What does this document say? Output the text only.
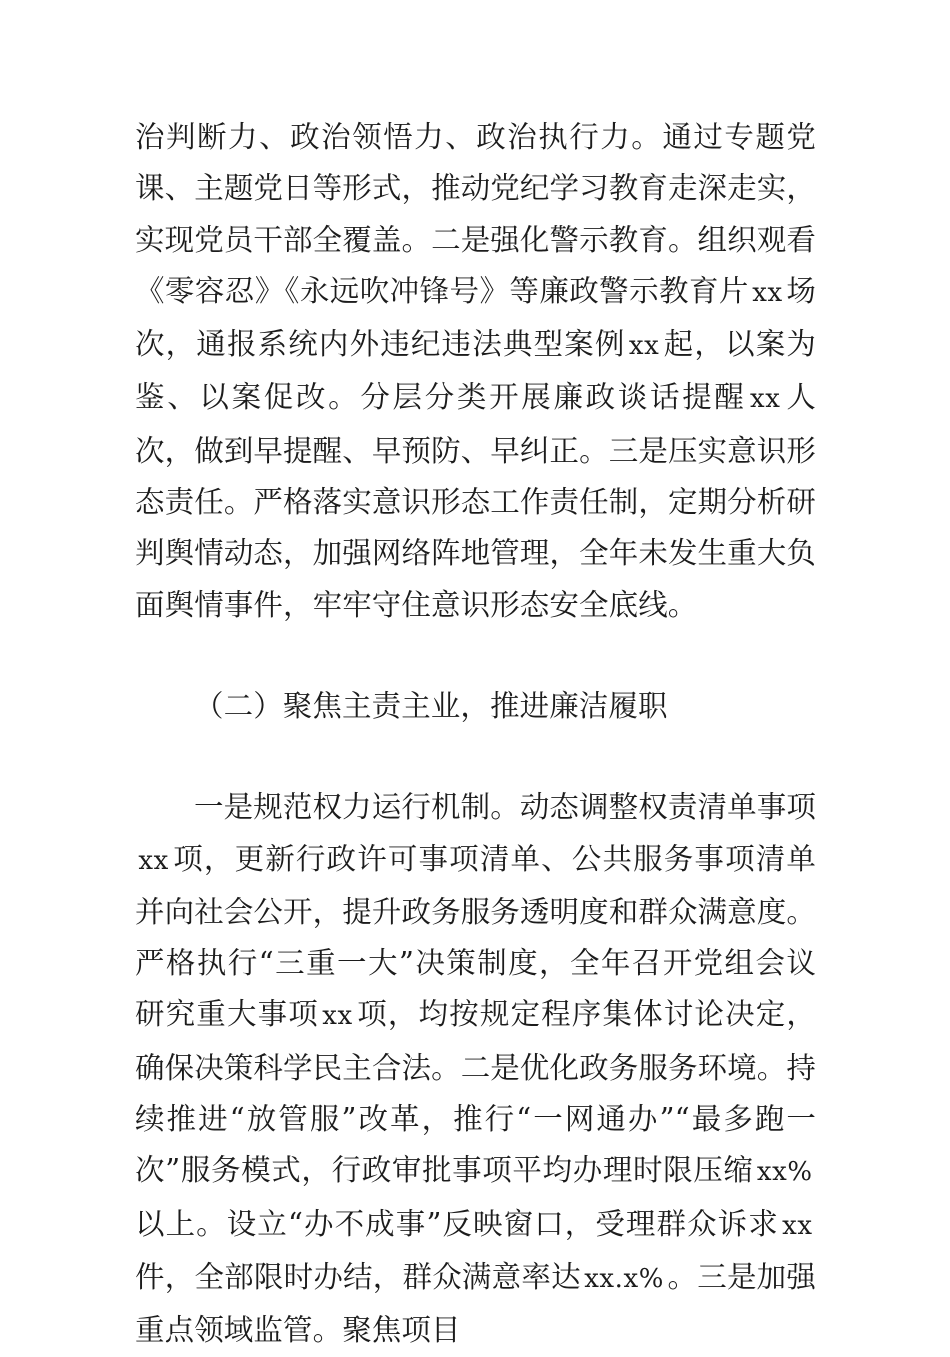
治判断力、政治领悟力、政治执行力。通过专题党课、主题党日等形式，推动党纪学习教育走深走实，实现党员干部全覆盖。二是强化警示教育。组织观看《零容忍》《永远吹冲锋号》等廉政警示教育片 xx 场次，通报系统内外违纪违法典型案例 xx 起，以案为鉴、以案促改。分层分类开展廉政谈话提醒 xx 人次，做到早提醒、早预防、早纠正。三是压实意识形态责任。严格落实意识形态工作责任制，定期分析研判舆情动态，加强网络阵地管理，全年未发生重大负面舆情事件，牢牢守住意识形态安全底线。

（二）聚焦主责主业，推进廉洁履职

一是规范权力运行机制。动态调整权责清单事项xx 项，更新行政许可事项清单、公共服务事项清单并向社会公开，提升政务服务透明度和群众满意度。严格执行“三重一大”决策制度，全年召开党组会议研究重大事项 xx 项，均按规定程序集体讨论决定，确保决策科学民主合法。二是优化政务服务环境。持续推进“放管服”改革，推行“一网通办”“最多跑一次”服务模式，行政审批事项平均办理时限压缩 xx%以上。设立“办不成事”反映窗口，受理群众诉求 xx件，全部限时办结，群众满意率达 xx.x% 。三是加强重点领域监管。聚焦项目
